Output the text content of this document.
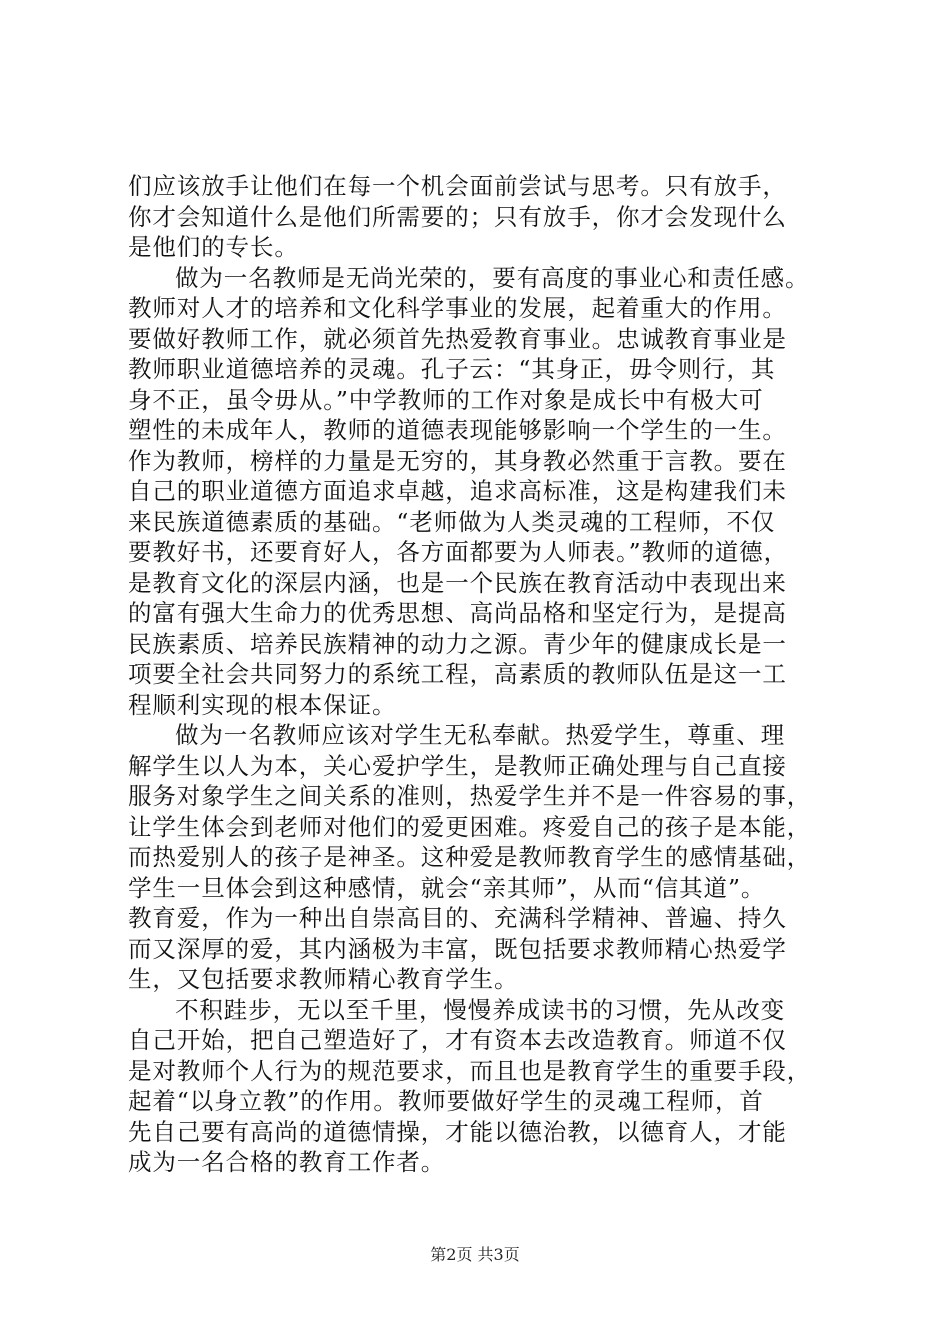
们应该放手让他们在每一个机会面前尝试与思考。只有放手，
你才会知道什么是他们所需要的；只有放手，你才会发现什么
是他们的专长。
做为一名教师是无尚光荣的，要有高度的事业心和责任感。
教师对人才的培养和文化科学事业的发展，起着重大的作用。
要做好教师工作，就必须首先热爱教育事业。忠诚教育事业是
教师职业道德培养的灵魂。孔子云：“其身正，毋令则行，其
身不正，虽令毋从。”中学教师的工作对象是成长中有极大可
塑性的未成年人，教师的道德表现能够影响一个学生的一生。
作为教师，榜样的力量是无穷的，其身教必然重于言教。要在
自己的职业道德方面追求卓越，追求高标准，这是构建我们未
来民族道德素质的基础。“老师做为人类灵魂的工程师，不仅
要教好书，还要育好人，各方面都要为人师表。”教师的道德，
是教育文化的深层内涵，也是一个民族在教育活动中表现出来
的富有强大生命力的优秀思想、高尚品格和坚定行为，是提高
民族素质、培养民族精神的动力之源。青少年的健康成长是一
项要全社会共同努力的系统工程，高素质的教师队伍是这一工
程顺利实现的根本保证。
做为一名教师应该对学生无私奉献。热爱学生，尊重、理
解学生以人为本，关心爱护学生，是教师正确处理与自己直接
服务对象学生之间关系的准则，热爱学生并不是一件容易的事，
让学生体会到老师对他们的爱更困难。疼爱自己的孩子是本能，
而热爱别人的孩子是神圣。这种爱是教师教育学生的感情基础，
学生一旦体会到这种感情，就会“亲其师”，从而“信其道”。
教育爱，作为一种出自崇高目的、充满科学精神、普遍、持久
而又深厚的爱，其内涵极为丰富，既包括要求教师精心热爱学
生，又包括要求教师精心教育学生。
不积跬步，无以至千里，慢慢养成读书的习惯，先从改变
自己开始，把自己塑造好了，才有资本去改造教育。师道不仅
是对教师个人行为的规范要求，而且也是教育学生的重要手段，
起着“以身立教”的作用。教师要做好学生的灵魂工程师，首
先自己要有高尚的道德情操，才能以德治教，以德育人，才能
成为一名合格的教育工作者。
第2页 共3页
